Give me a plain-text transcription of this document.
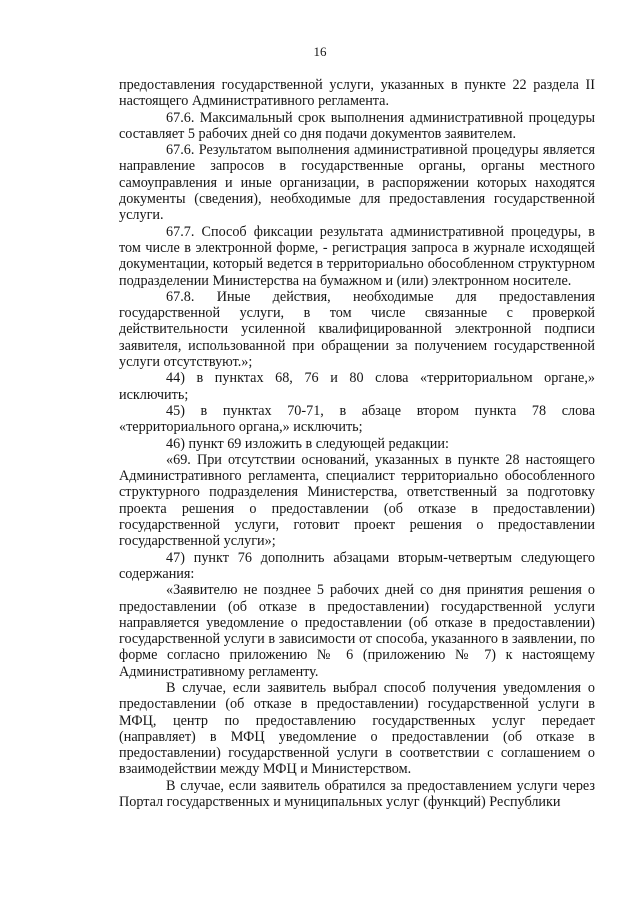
16

предоставления государственной услуги, указанных в пункте 22 раздела II настоящего Административного регламента.

67.6. Максимальный срок выполнения административной процедуры составляет 5 рабочих дней со дня подачи документов заявителем.

67.6. Результатом выполнения административной процедуры является направление запросов в государственные органы, органы местного самоуправления и иные организации, в распоряжении которых находятся документы (сведения), необходимые для предоставления государственной услуги.

67.7. Способ фиксации результата административной процедуры, в том числе в электронной форме, - регистрация запроса в журнале исходящей документации, который ведется в территориально обособленном структурном подразделении Министерства на бумажном и (или) электронном носителе.

67.8. Иные действия, необходимые для предоставления государственной услуги, в том числе связанные с проверкой действительности усиленной квалифицированной электронной подписи заявителя, использованной при обращении за получением государственной услуги отсутствуют.»;

44) в пунктах 68, 76 и 80 слова «территориальном органе,» исключить;

45) в пунктах 70-71, в абзаце втором пункта 78 слова «территориального органа,» исключить;

46) пункт 69 изложить в следующей редакции:

«69. При отсутствии оснований, указанных в пункте 28 настоящего Административного регламента, специалист территориально обособленного структурного подразделения Министерства, ответственный за подготовку проекта решения о предоставлении (об отказе в предоставлении) государственной услуги, готовит проект решения о предоставлении государственной услуги»;

47) пункт 76 дополнить абзацами вторым-четвертым следующего содержания:

«Заявителю не позднее 5 рабочих дней со дня принятия решения о предоставлении (об отказе в предоставлении) государственной услуги направляется уведомление о предоставлении (об отказе в предоставлении) государственной услуги в зависимости от способа, указанного в заявлении, по форме согласно приложению № 6 (приложению № 7) к настоящему Административному регламенту.

В случае, если заявитель выбрал способ получения уведомления о предоставлении (об отказе в предоставлении) государственной услуги в МФЦ, центр по предоставлению государственных услуг передает (направляет) в МФЦ уведомление о предоставлении (об отказе в предоставлении) государственной услуги в соответствии с соглашением о взаимодействии между МФЦ и Министерством.

В случае, если заявитель обратился за предоставлением услуги через Портал государственных и муниципальных услуг (функций) Республики
